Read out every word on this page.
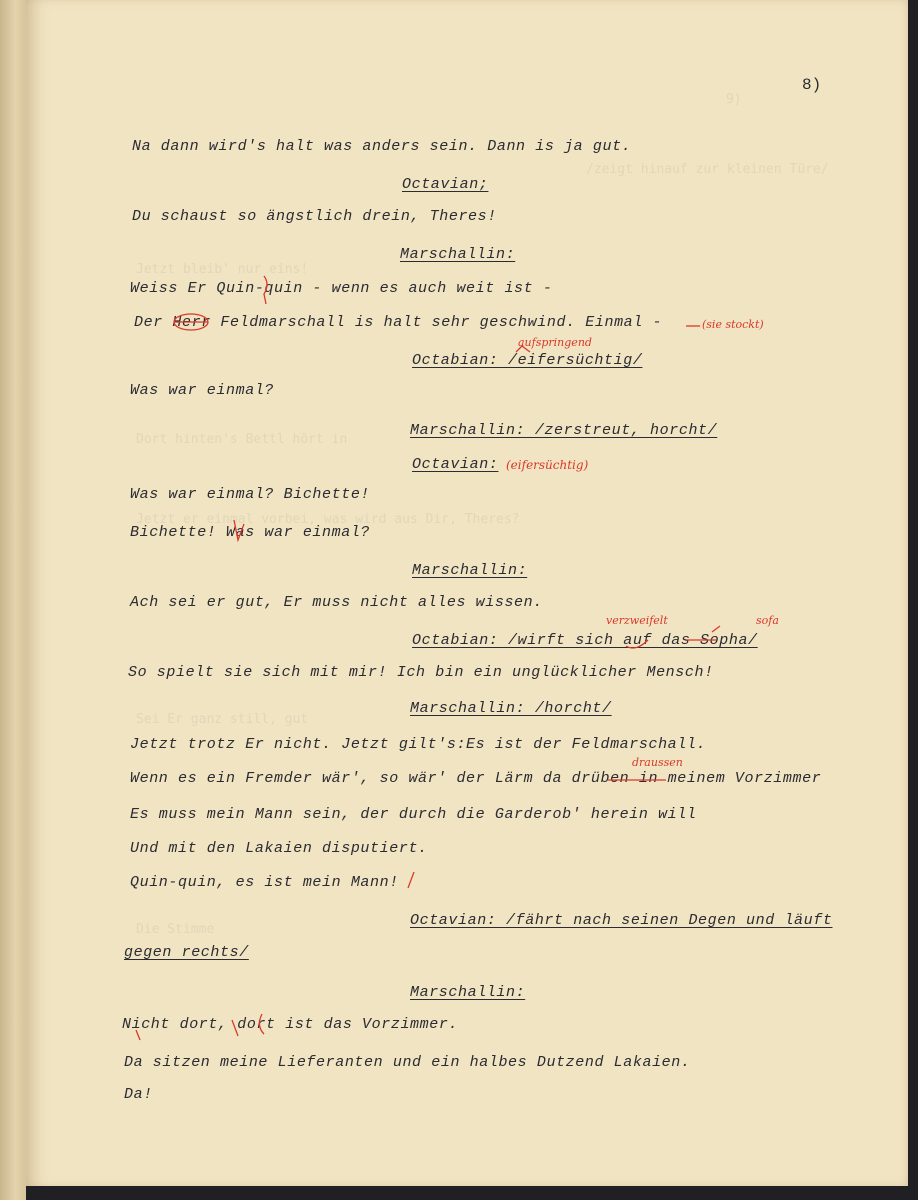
9)
/zeigt hinauf zur kleinen Türe/
Jetzt bleib' nur eins!
Dort hinten's Bettl hört in
Jetzt er einmal vorbei, was wird aus Dir, Theres?
Sei Er ganz still, gut
Die Stimme
8)
Na dann wird's halt was anders sein. Dann is ja gut.
Octavian;
Du schaust so ängstlich drein, Theres!
Marschallin:
Weiss Er Quin-quin - wenn es auch weit ist -
Der Herr Feldmarschall is halt sehr geschwind. Einmal -
Octabian: /eifersüchtig/
Was war einmal?
Marschallin: /zerstreut, horcht/
Octavian:
Was war einmal? Bichette!
Bichette! Was war einmal?
Marschallin:
Ach sei er gut, Er muss nicht alles wissen.
Octabian: /wirft sich auf das Sopha/
So spielt sie sich mit mir! Ich bin ein unglücklicher Mensch!
Marschallin: /horcht/
Jetzt trotz Er nicht. Jetzt gilt's:Es ist der Feldmarschall.
Wenn es ein Fremder wär', so wär' der Lärm da drüben in meinem Vorzimmer
Es muss mein Mann sein, der durch die Garderob' herein will
Und mit den Lakaien disputiert.
Quin-quin, es ist mein Mann!
Octavian: /fährt nach seinen Degen und läuft
gegen rechts/
Marschallin:
Nicht dort, dort ist das Vorzimmer.
Da sitzen meine Lieferanten und ein halbes Dutzend Lakaien.
Da!
(sie stockt)
aufspringend
(eifersüchtig)
verzweifelt	sofa
draussen
